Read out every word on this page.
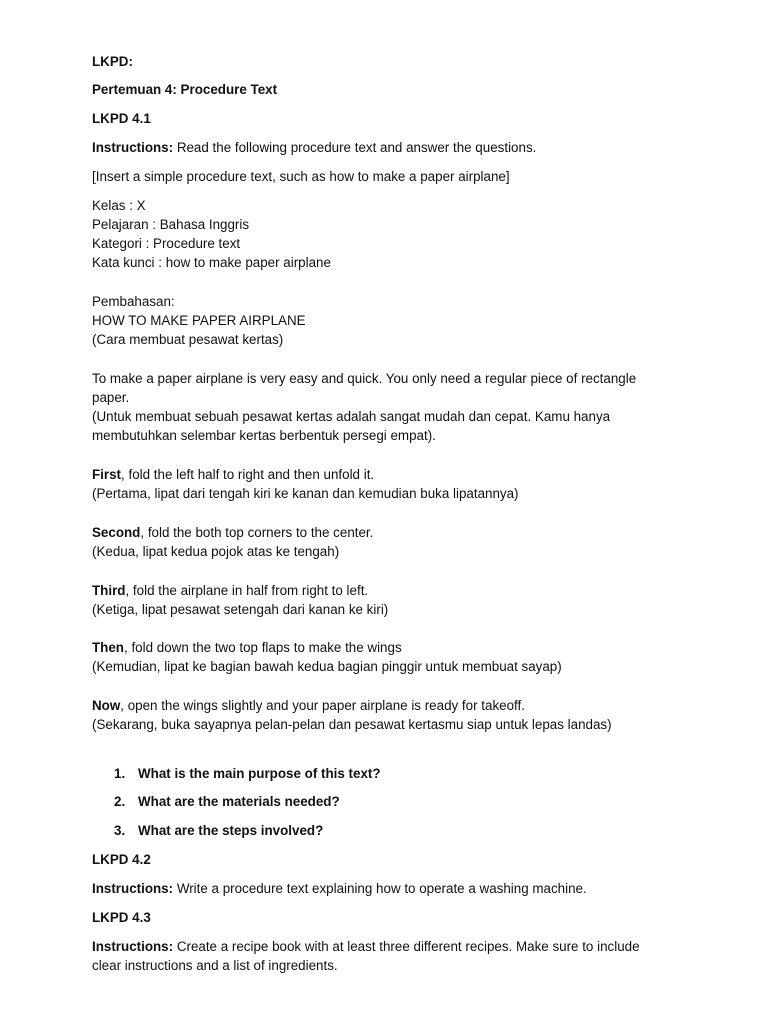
LKPD:
Pertemuan 4: Procedure Text
LKPD 4.1
Instructions: Read the following procedure text and answer the questions.
[Insert a simple procedure text, such as how to make a paper airplane]
Kelas : X
Pelajaran : Bahasa Inggris
Kategori : Procedure text
Kata kunci : how to make paper airplane
Pembahasan:
HOW TO MAKE PAPER AIRPLANE
(Cara membuat pesawat kertas)
To make a paper airplane is very easy and quick. You only need a regular piece of rectangle
paper.
(Untuk membuat sebuah pesawat kertas adalah sangat mudah dan cepat. Kamu hanya
membutuhkan selembar kertas berbentuk persegi empat).
First, fold the left half to right and then unfold it.
(Pertama, lipat dari tengah kiri ke kanan dan kemudian buka lipatannya)
Second, fold the both top corners to the center.
(Kedua, lipat kedua pojok atas ke tengah)
Third, fold the airplane in half from right to left.
(Ketiga, lipat pesawat setengah dari kanan ke kiri)
Then, fold down the two top flaps to make the wings
(Kemudian, lipat ke bagian bawah kedua bagian pinggir untuk membuat sayap)
Now, open the wings slightly and your paper airplane is ready for takeoff.
(Sekarang, buka sayapnya pelan-pelan dan pesawat kertasmu siap untuk lepas landas)
1. What is the main purpose of this text?
2. What are the materials needed?
3. What are the steps involved?
LKPD 4.2
Instructions: Write a procedure text explaining how to operate a washing machine.
LKPD 4.3
Instructions: Create a recipe book with at least three different recipes. Make sure to include
clear instructions and a list of ingredients.
